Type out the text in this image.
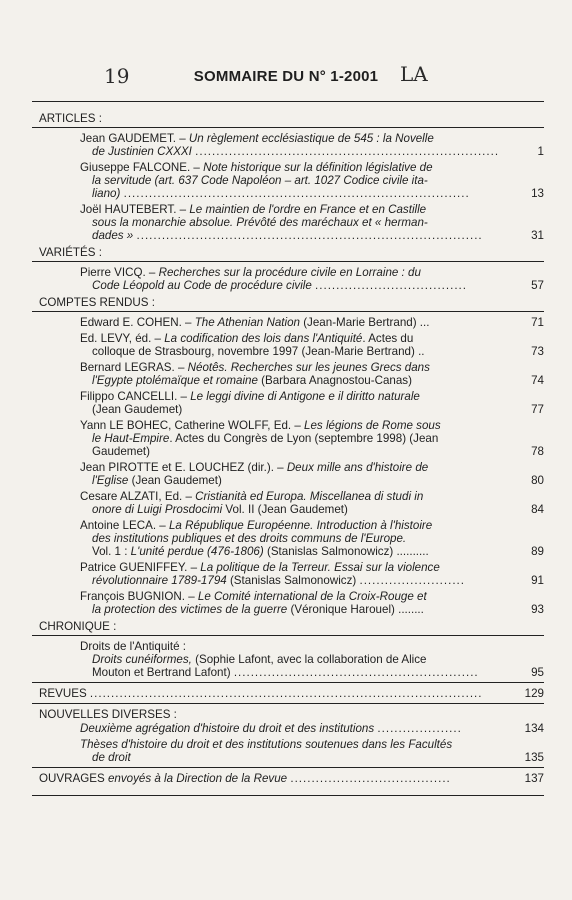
19	LA
SOMMAIRE DU N° 1-2001
ARTICLES :
Jean GAUDEMET. – Un règlement ecclésiastique de 545 : la Novelle
de Justinien CXXXI ........................................................................	1
Giuseppe FALCONE. – Note historique sur la définition législative de
la servitude (art. 637 Code Napoléon – art. 1027 Codice civile ita-
liano) ..................................................................................	13
Joël HAUTEBERT. – Le maintien de l'ordre en France et en Castille
sous la monarchie absolue. Prévôté des maréchaux et « herman-
dades » ..................................................................................	31
VARIÉTÉS :
Pierre VICQ. – Recherches sur la procédure civile en Lorraine : du
Code Léopold au Code de procédure civile ....................................	57
COMPTES RENDUS :
Edward E. COHEN. – The Athenian Nation (Jean-Marie Bertrand) ...	71
Ed. LEVY, éd. – La codification des lois dans l'Antiquité. Actes du
colloque de Strasbourg, novembre 1997 (Jean-Marie Bertrand) ..	73
Bernard LEGRAS. – Néotês. Recherches sur les jeunes Grecs dans
l'Egypte ptolémaïque et romaine (Barbara Anagnostou-Canas)	74
Filippo CANCELLI. – Le leggi divine di Antigone e il diritto naturale
(Jean Gaudemet)	77
Yann LE BOHEC, Catherine WOLFF, Ed. – Les légions de Rome sous
le Haut-Empire. Actes du Congrès de Lyon (septembre 1998) (Jean
Gaudemet)	78
Jean PIROTTE et E. LOUCHEZ (dir.). – Deux mille ans d'histoire de
l'Eglise (Jean Gaudemet)	80
Cesare ALZATI, Ed. – Cristianità ed Europa. Miscellanea di studi in
onore di Luigi Prosdocimi Vol. II (Jean Gaudemet)	84
Antoine LECA. – La République Européenne. Introduction à l'histoire
des institutions publiques et des droits communs de l'Europe.
Vol. 1 : L'unité perdue (476-1806) (Stanislas Salmonowicz) ..........	89
Patrice GUENIFFEY. – La politique de la Terreur. Essai sur la violence
révolutionnaire 1789-1794 (Stanislas Salmonowicz) .........................	91
François BUGNION. – Le Comité international de la Croix-Rouge et
la protection des victimes de la guerre (Véronique Harouel) ........	93
CHRONIQUE :
Droits de l'Antiquité :
Droits cunéiformes, (Sophie Lafont, avec la collaboration de Alice
Mouton et Bertrand Lafont) ..........................................................	95
REVUES .............................................................................................	129
NOUVELLES DIVERSES :
Deuxième agrégation d'histoire du droit et des institutions ....................	134
Thèses d'histoire du droit et des institutions soutenues dans les Facultés
de droit	135
OUVRAGES envoyés à la Direction de la Revue ......................................	137
